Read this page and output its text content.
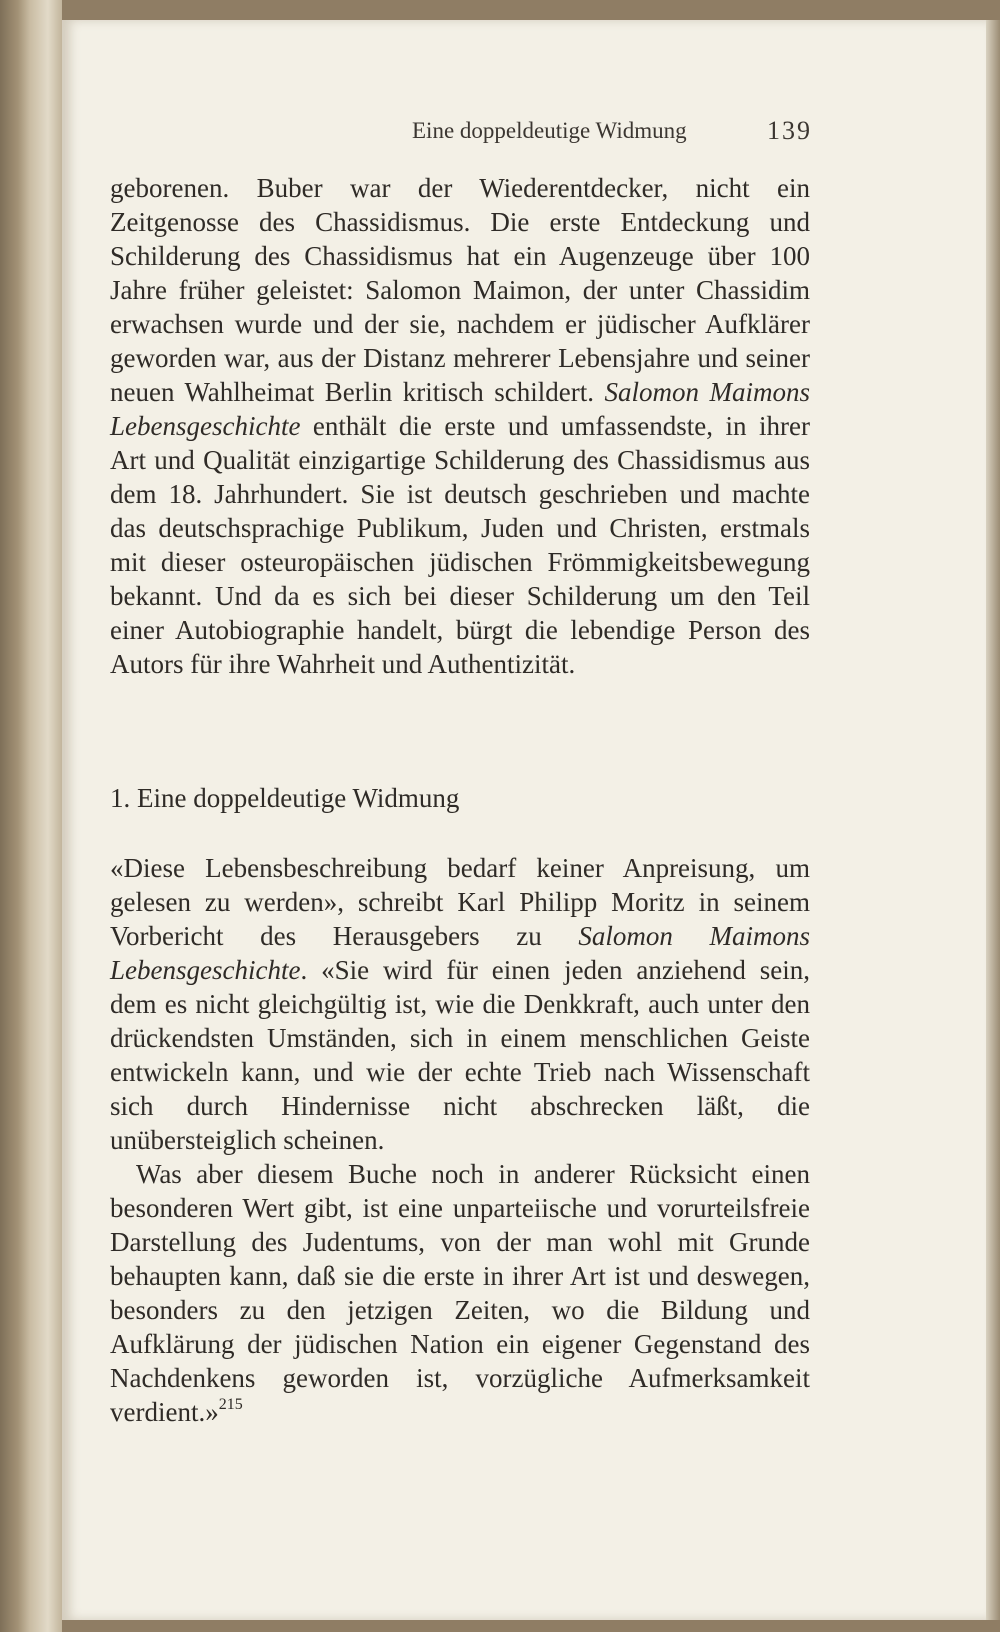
Eine doppeldeutige Widmung	139

geborenen. Buber war der Wiederentdecker, nicht ein Zeitgenosse des Chassidismus. Die erste Entdeckung und Schilderung des Chassidismus hat ein Augenzeuge über 100 Jahre früher geleistet: Salomon Maimon, der unter Chassidim erwachsen wurde und der sie, nachdem er jüdischer Aufklärer geworden war, aus der Distanz mehrerer Lebensjahre und seiner neuen Wahlheimat Berlin kritisch schildert. Salomon Maimons Lebensgeschichte enthält die erste und umfassendste, in ihrer Art und Qualität einzigartige Schilderung des Chassidismus aus dem 18. Jahrhundert. Sie ist deutsch geschrieben und machte das deutschsprachige Publikum, Juden und Christen, erstmals mit dieser osteuropäischen jüdischen Frömmigkeitsbewegung bekannt. Und da es sich bei dieser Schilderung um den Teil einer Autobiographie handelt, bürgt die lebendige Person des Autors für ihre Wahrheit und Authentizität.

1. Eine doppeldeutige Widmung

«Diese Lebensbeschreibung bedarf keiner Anpreisung, um gelesen zu werden», schreibt Karl Philipp Moritz in seinem Vorbericht des Herausgebers zu Salomon Maimons Lebensgeschichte. «Sie wird für einen jeden anziehend sein, dem es nicht gleichgültig ist, wie die Denkkraft, auch unter den drückendsten Umständen, sich in einem menschlichen Geiste entwickeln kann, und wie der echte Trieb nach Wissenschaft sich durch Hindernisse nicht abschrecken läßt, die unübersteiglich scheinen.

Was aber diesem Buche noch in anderer Rücksicht einen besonderen Wert gibt, ist eine unparteiische und vorurteilsfreie Darstellung des Judentums, von der man wohl mit Grunde behaupten kann, daß sie die erste in ihrer Art ist und deswegen, besonders zu den jetzigen Zeiten, wo die Bildung und Aufklärung der jüdischen Nation ein eigener Gegenstand des Nachdenkens geworden ist, vorzügliche Aufmerksamkeit verdient.»$^{215}$
